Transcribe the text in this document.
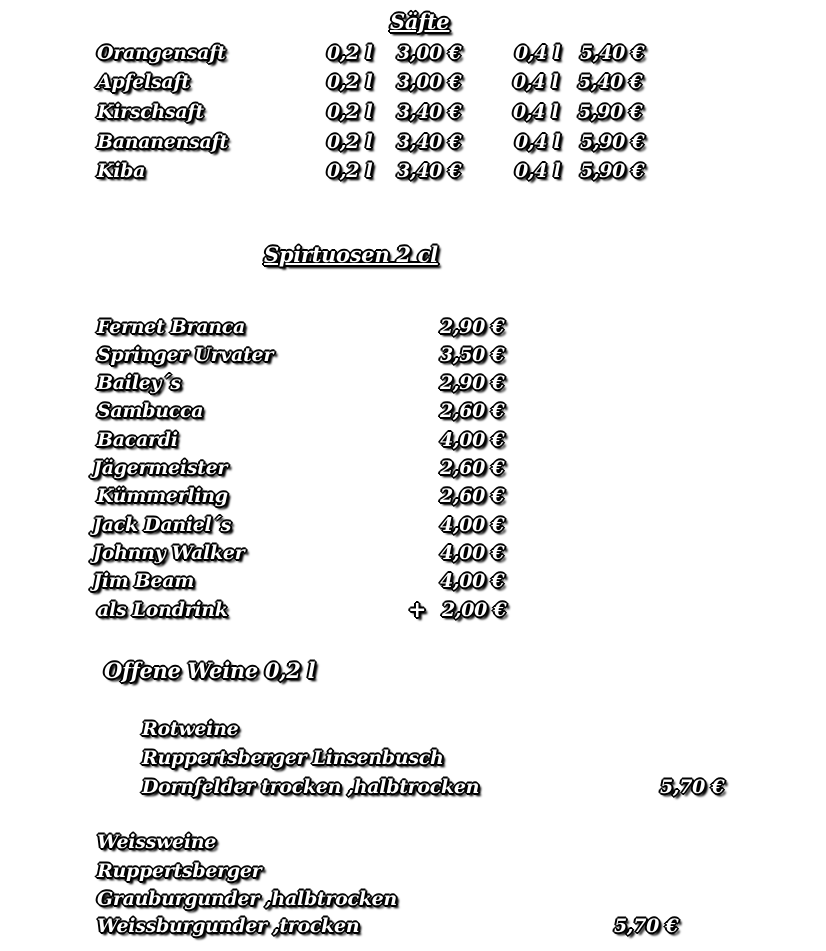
Säfte
Orangensaft	0,2 l 3,00 €	0,4 l 5,40 €
Apfelsaft	0,2 l 3,00 €	0,4 l 5,40 €
Kirschsaft	0,2 l 3,40 €	0,4 l 5,90 €
Bananensaft	0,2 l 3,40 €	0,4 l 5,90 €
Kiba	0,2 l 3,40 €	0,4 l 5,90 €
Spirtuosen 2 cl
Fernet Branca	2,90 €
Springer Urvater	3,50 €
Bailey´s	2,90 €
Sambucca	2,60 €
Bacardi	4,00 €
Jägermeister	2,60 €
Kümmerling	2,60 €
Jack Daniel´s	4,00 €
Johnny Walker	4,00 €
Jim Beam	4,00 €
als Londrink	+ 2,00 €
Offene Weine 0,2 l
Rotweine
Ruppertsberger Linsenbusch
Dornfelder trocken ,halbtrocken	5,70 €
Weissweine
Ruppertsberger
Grauburgunder ,halbtrocken
Weissburgunder ,trocken	5,70 €
